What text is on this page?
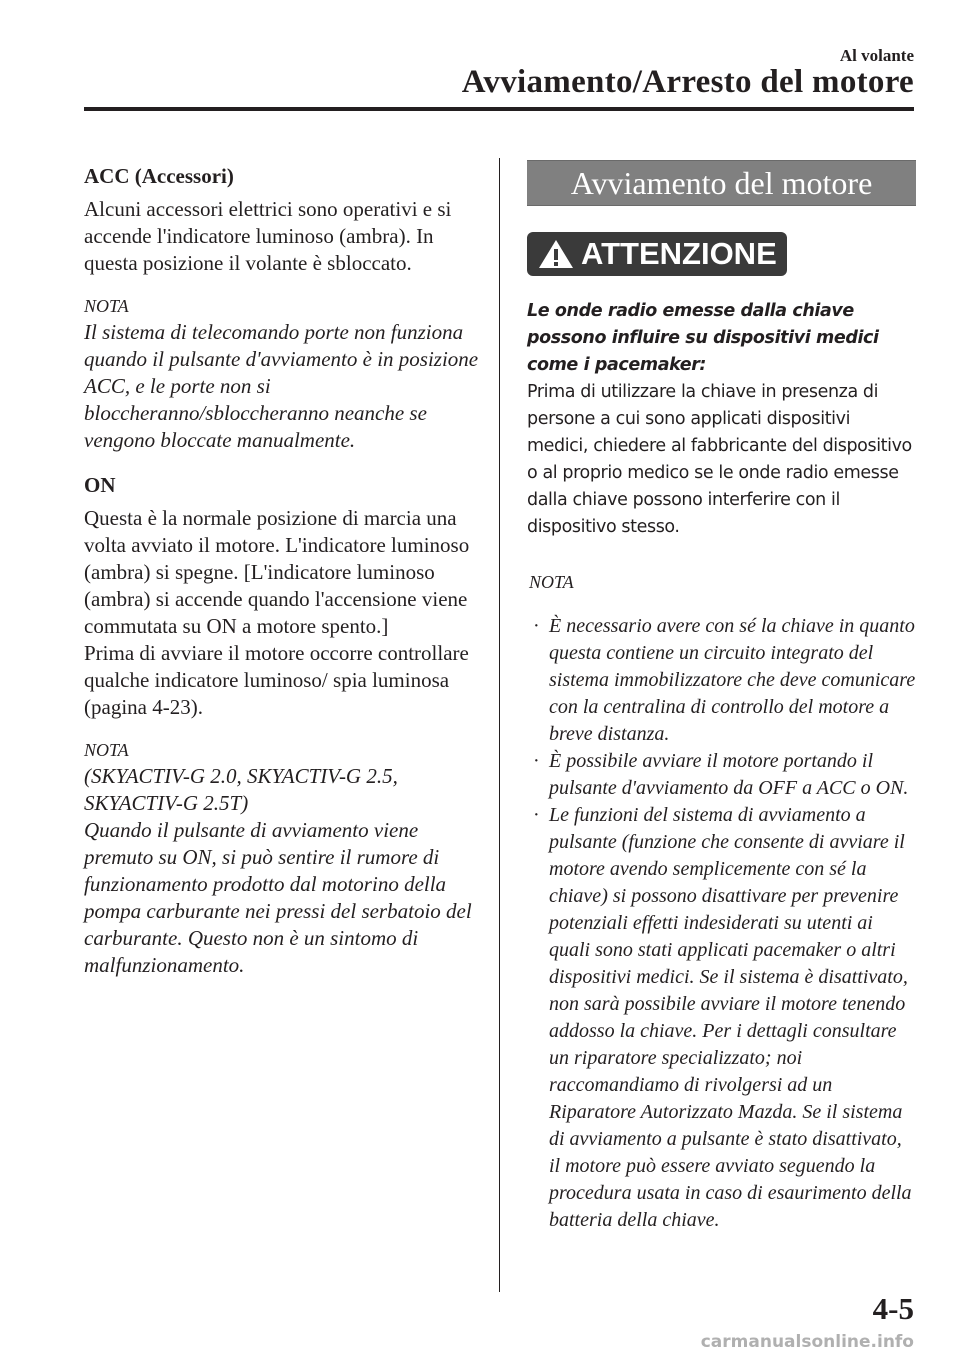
Al volante
Avviamento/Arresto del motore
ACC (Accessori)

Alcuni accessori elettrici sono operativi e si accende l'indicatore luminoso (ambra). In questa posizione il volante è sbloccato.

NOTA

Il sistema di telecomando porte non funziona quando il pulsante d'avviamento è in posizione ACC, e le porte non si bloccheranno/sbloccheranno neanche se vengono bloccate manualmente.

ON

Questa è la normale posizione di marcia una volta avviato il motore. L'indicatore luminoso (ambra) si spegne. [L'indicatore luminoso (ambra) si accende quando l'accensione viene commutata su ON a motore spento.]

Prima di avviare il motore occorre controllare qualche indicatore luminoso/ spia luminosa (pagina 4-23).

NOTA

(SKYACTIV-G 2.0, SKYACTIV-G 2.5, SKYACTIV-G 2.5T)

Quando il pulsante di avviamento viene premuto su ON, si può sentire il rumore di funzionamento prodotto dal motorino della pompa carburante nei pressi del serbatoio del carburante. Questo non è un sintomo di malfunzionamento.

Avviamento del motore
ATTENZIONE

Le onde radio emesse dalla chiave possono influire su dispositivi medici come i pacemaker:
Prima di utilizzare la chiave in presenza di persone a cui sono applicati dispositivi medici, chiedere al fabbricante del dispositivo o al proprio medico se le onde radio emesse dalla chiave possono interferire con il dispositivo stesso.

NOTA

· È necessario avere con sé la chiave in quanto questa contiene un circuito integrato del sistema immobilizzatore che deve comunicare con la centralina di controllo del motore a breve distanza.
· È possibile avviare il motore portando il pulsante d'avviamento da OFF a ACC o ON.
· Le funzioni del sistema di avviamento a pulsante (funzione che consente di avviare il motore avendo semplicemente con sé la chiave) si possono disattivare per prevenire potenziali effetti indesiderati su utenti ai quali sono stati applicati pacemaker o altri dispositivi medici. Se il sistema è disattivato, non sarà possibile avviare il motore tenendo addosso la chiave. Per i dettagli consultare un riparatore specializzato; noi raccomandiamo di rivolgersi ad un Riparatore Autorizzato Mazda. Se il sistema di avviamento a pulsante è stato disattivato, il motore può essere avviato seguendo la procedura usata in caso di esaurimento della batteria della chiave.
4-5
carmanualsonline.info
